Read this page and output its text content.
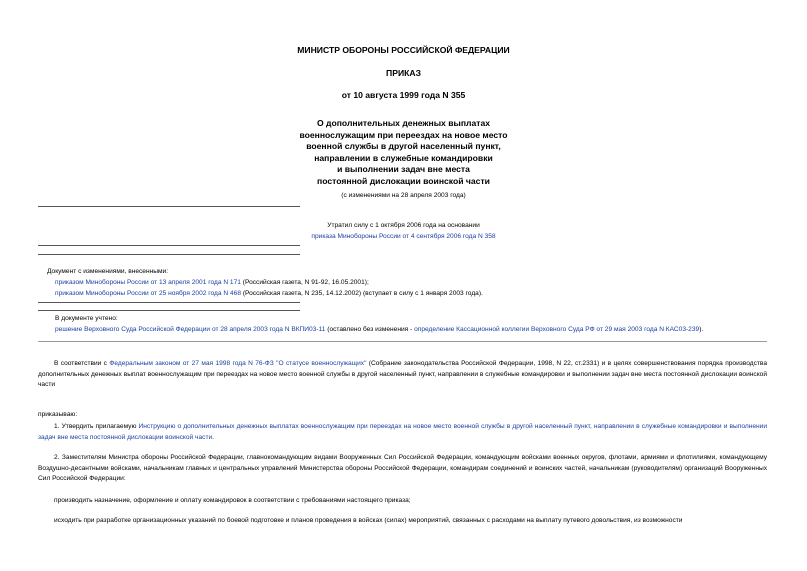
МИНИСТР ОБОРОНЫ РОССИЙСКОЙ ФЕДЕРАЦИИ
ПРИКАЗ
от 10 августа 1999 года N 355
О дополнительных денежных выплатах
военнослужащим при переездах на новое место
военной службы в другой населенный пункт,
направлении в служебные командировки
и выполнении задач вне места
постоянной дислокации воинской части
(с изменениями на 28 апреля 2003 года)
Утратил силу с 1 октября 2006 года на основании
приказа Минобороны России от 4 сентября 2006 года N 358
Документ с изменениями, внесенными:
приказом Минобороны России от 13 апреля 2001 года N 171 (Российская газета, N 91-92, 16.05.2001);
приказом Минобороны России от 25 ноября 2002 года N 468 (Российская газета, N 235, 14.12.2002) (вступает в силу с 1 января 2003 года).
В документе учтено:
решение Верховного Суда Российской Федерации от 28 апреля 2003 года N ВКПИ03-11 (оставлено без изменения - определение Кассационной коллегии Верховного Суда РФ от 29 мая 2003 года N КАС03-239).
В соответствии с Федеральным законом от 27 мая 1998 года N 76-ФЗ "О статусе военнослужащих" (Собрание законодательства Российской Федерации, 1998, N 22, ст.2331) и в целях совершенствования порядка производства дополнительных денежных выплат военнослужащим при переездах на новое место военной службы в другой населенный пункт, направлении в служебные командировки и выполнении задач вне места постоянной дислокации воинской части
приказываю:
1. Утвердить прилагаемую Инструкцию о дополнительных денежных выплатах военнослужащим при переездах на новое место военной службы в другой населенный пункт, направлении в служебные командировки и выполнении задач вне места постоянной дислокации воинской части.
2. Заместителям Министра обороны Российской Федерации, главнокомандующим видами Вооруженных Сил Российской Федерации, командующим войсками военных округов, флотами, армиями и флотилиями, командующему Воздушно-десантными войсками, начальникам главных и центральных управлений Министерства обороны Российской Федерации, командирам соединений и воинских частей, начальникам (руководителям) организаций Вооруженных Сил Российской Федерации:
производить назначение, оформление и оплату командировок в соответствии с требованиями настоящего приказа;
исходить при разработке организационных указаний по боевой подготовке и планов проведения в войсках (силах) мероприятий, связанных с расходами на выплату путевого довольствия, из возможности
